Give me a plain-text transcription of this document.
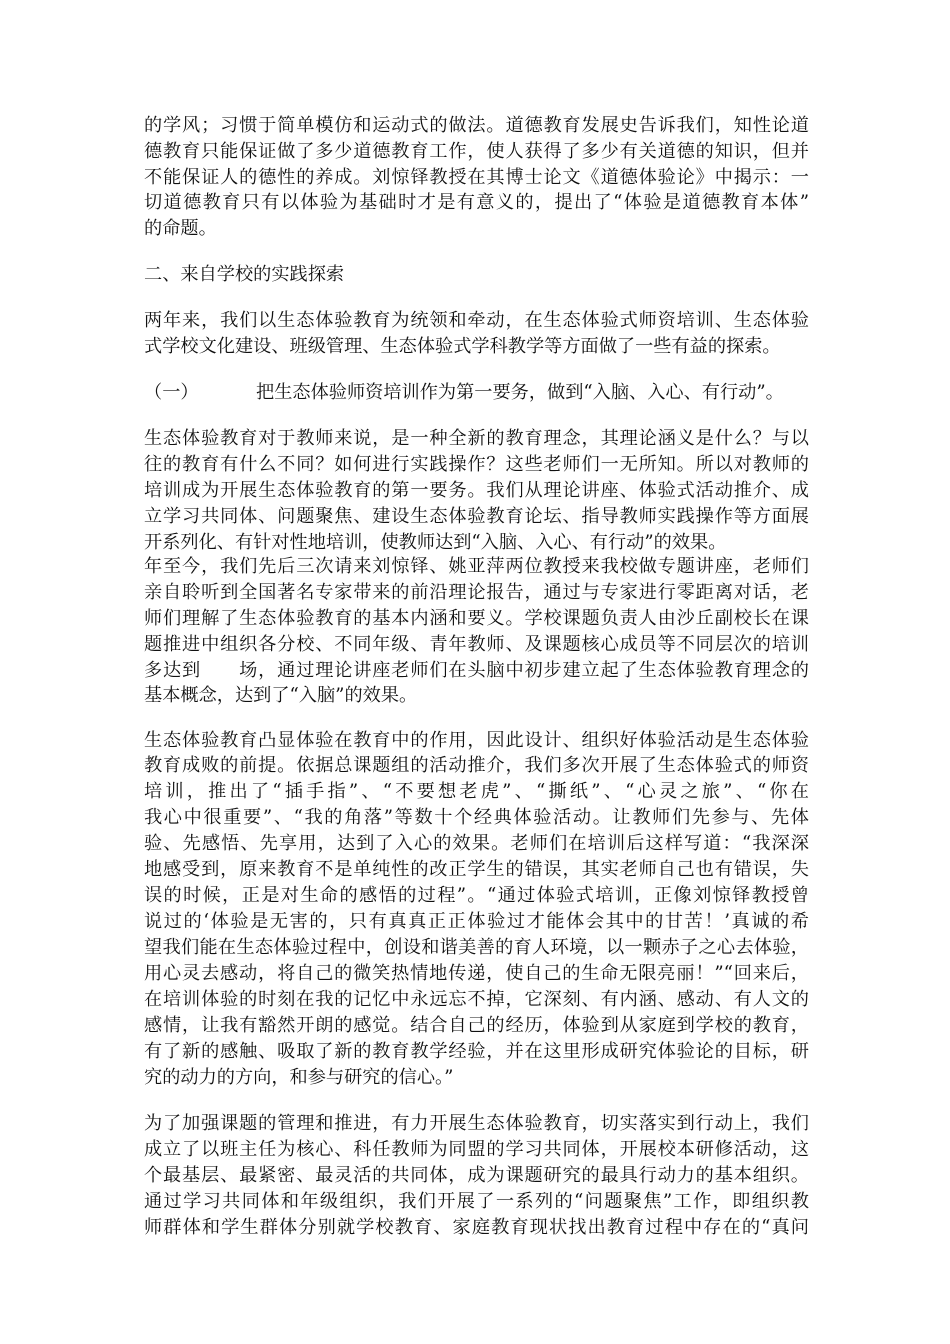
的学风；习惯于简单模仿和运动式的做法。道德教育发展史告诉我们，知性论道
德教育只能保证做了多少道德教育工作，使人获得了多少有关道德的知识，但并
不能保证人的德性的养成。刘惊铎教授在其博士论文《道德体验论》中揭示：一
切道德教育只有以体验为基础时才是有意义的，提出了“体验是道德教育本体”
的命题。
二、来自学校的实践探索
两年来，我们以生态体验教育为统领和牵动，在生态体验式师资培训、生态体验
式学校文化建设、班级管理、生态体验式学科教学等方面做了一些有益的探索。
（一）	把生态体验师资培训作为第一要务，做到“入脑、入心、有行动”。
生态体验教育对于教师来说，是一种全新的教育理念，其理论涵义是什么？与以
往的教育有什么不同？如何进行实践操作？这些老师们一无所知。所以对教师的
培训成为开展生态体验教育的第一要务。我们从理论讲座、体验式活动推介、成
立学习共同体、问题聚焦、建设生态体验教育论坛、指导教师实践操作等方面展
开系列化、有针对性地培训，使教师达到“入脑、入心、有行动”的效果。
年至今，我们先后三次请来刘惊铎、姚亚萍两位教授来我校做专题讲座，老师们
亲自聆听到全国著名专家带来的前沿理论报告，通过与专家进行零距离对话，老
师们理解了生态体验教育的基本内涵和要义。学校课题负责人由沙丘副校长在课
题推进中组织各分校、不同年级、青年教师、及课题核心成员等不同层次的培训
多达到　　场，通过理论讲座老师们在头脑中初步建立起了生态体验教育理念的
基本概念，达到了“入脑”的效果。
生态体验教育凸显体验在教育中的作用，因此设计、组织好体验活动是生态体验
教育成败的前提。依据总课题组的活动推介，我们多次开展了生态体验式的师资
培训，推出了“插手指”、“不要想老虎”、“撕纸”、“心灵之旅”、“你在
我心中很重要”、“我的角落”等数十个经典体验活动。让教师们先参与、先体
验、先感悟、先享用，达到了入心的效果。老师们在培训后这样写道：“我深深
地感受到，原来教育不是单纯性的改正学生的错误，其实老师自己也有错误，失
误的时候，正是对生命的感悟的过程”。“通过体验式培训，正像刘惊铎教授曾
说过的‘体验是无害的，只有真真正正体验过才能体会其中的甘苦！’真诚的希
望我们能在生态体验过程中，创设和谐美善的育人环境，以一颗赤子之心去体验，
用心灵去感动，将自己的微笑热情地传递，使自己的生命无限亮丽！”“回来后，
在培训体验的时刻在我的记忆中永远忘不掉，它深刻、有内涵、感动、有人文的
感情，让我有豁然开朗的感觉。结合自己的经历，体验到从家庭到学校的教育，
有了新的感触、吸取了新的教育教学经验，并在这里形成研究体验论的目标，研
究的动力的方向，和参与研究的信心。”
为了加强课题的管理和推进，有力开展生态体验教育，切实落实到行动上，我们
成立了以班主任为核心、科任教师为同盟的学习共同体，开展校本研修活动，这
个最基层、最紧密、最灵活的共同体，成为课题研究的最具行动力的基本组织。
通过学习共同体和年级组织，我们开展了一系列的“问题聚焦”工作，即组织教
师群体和学生群体分别就学校教育、家庭教育现状找出教育过程中存在的“真问
